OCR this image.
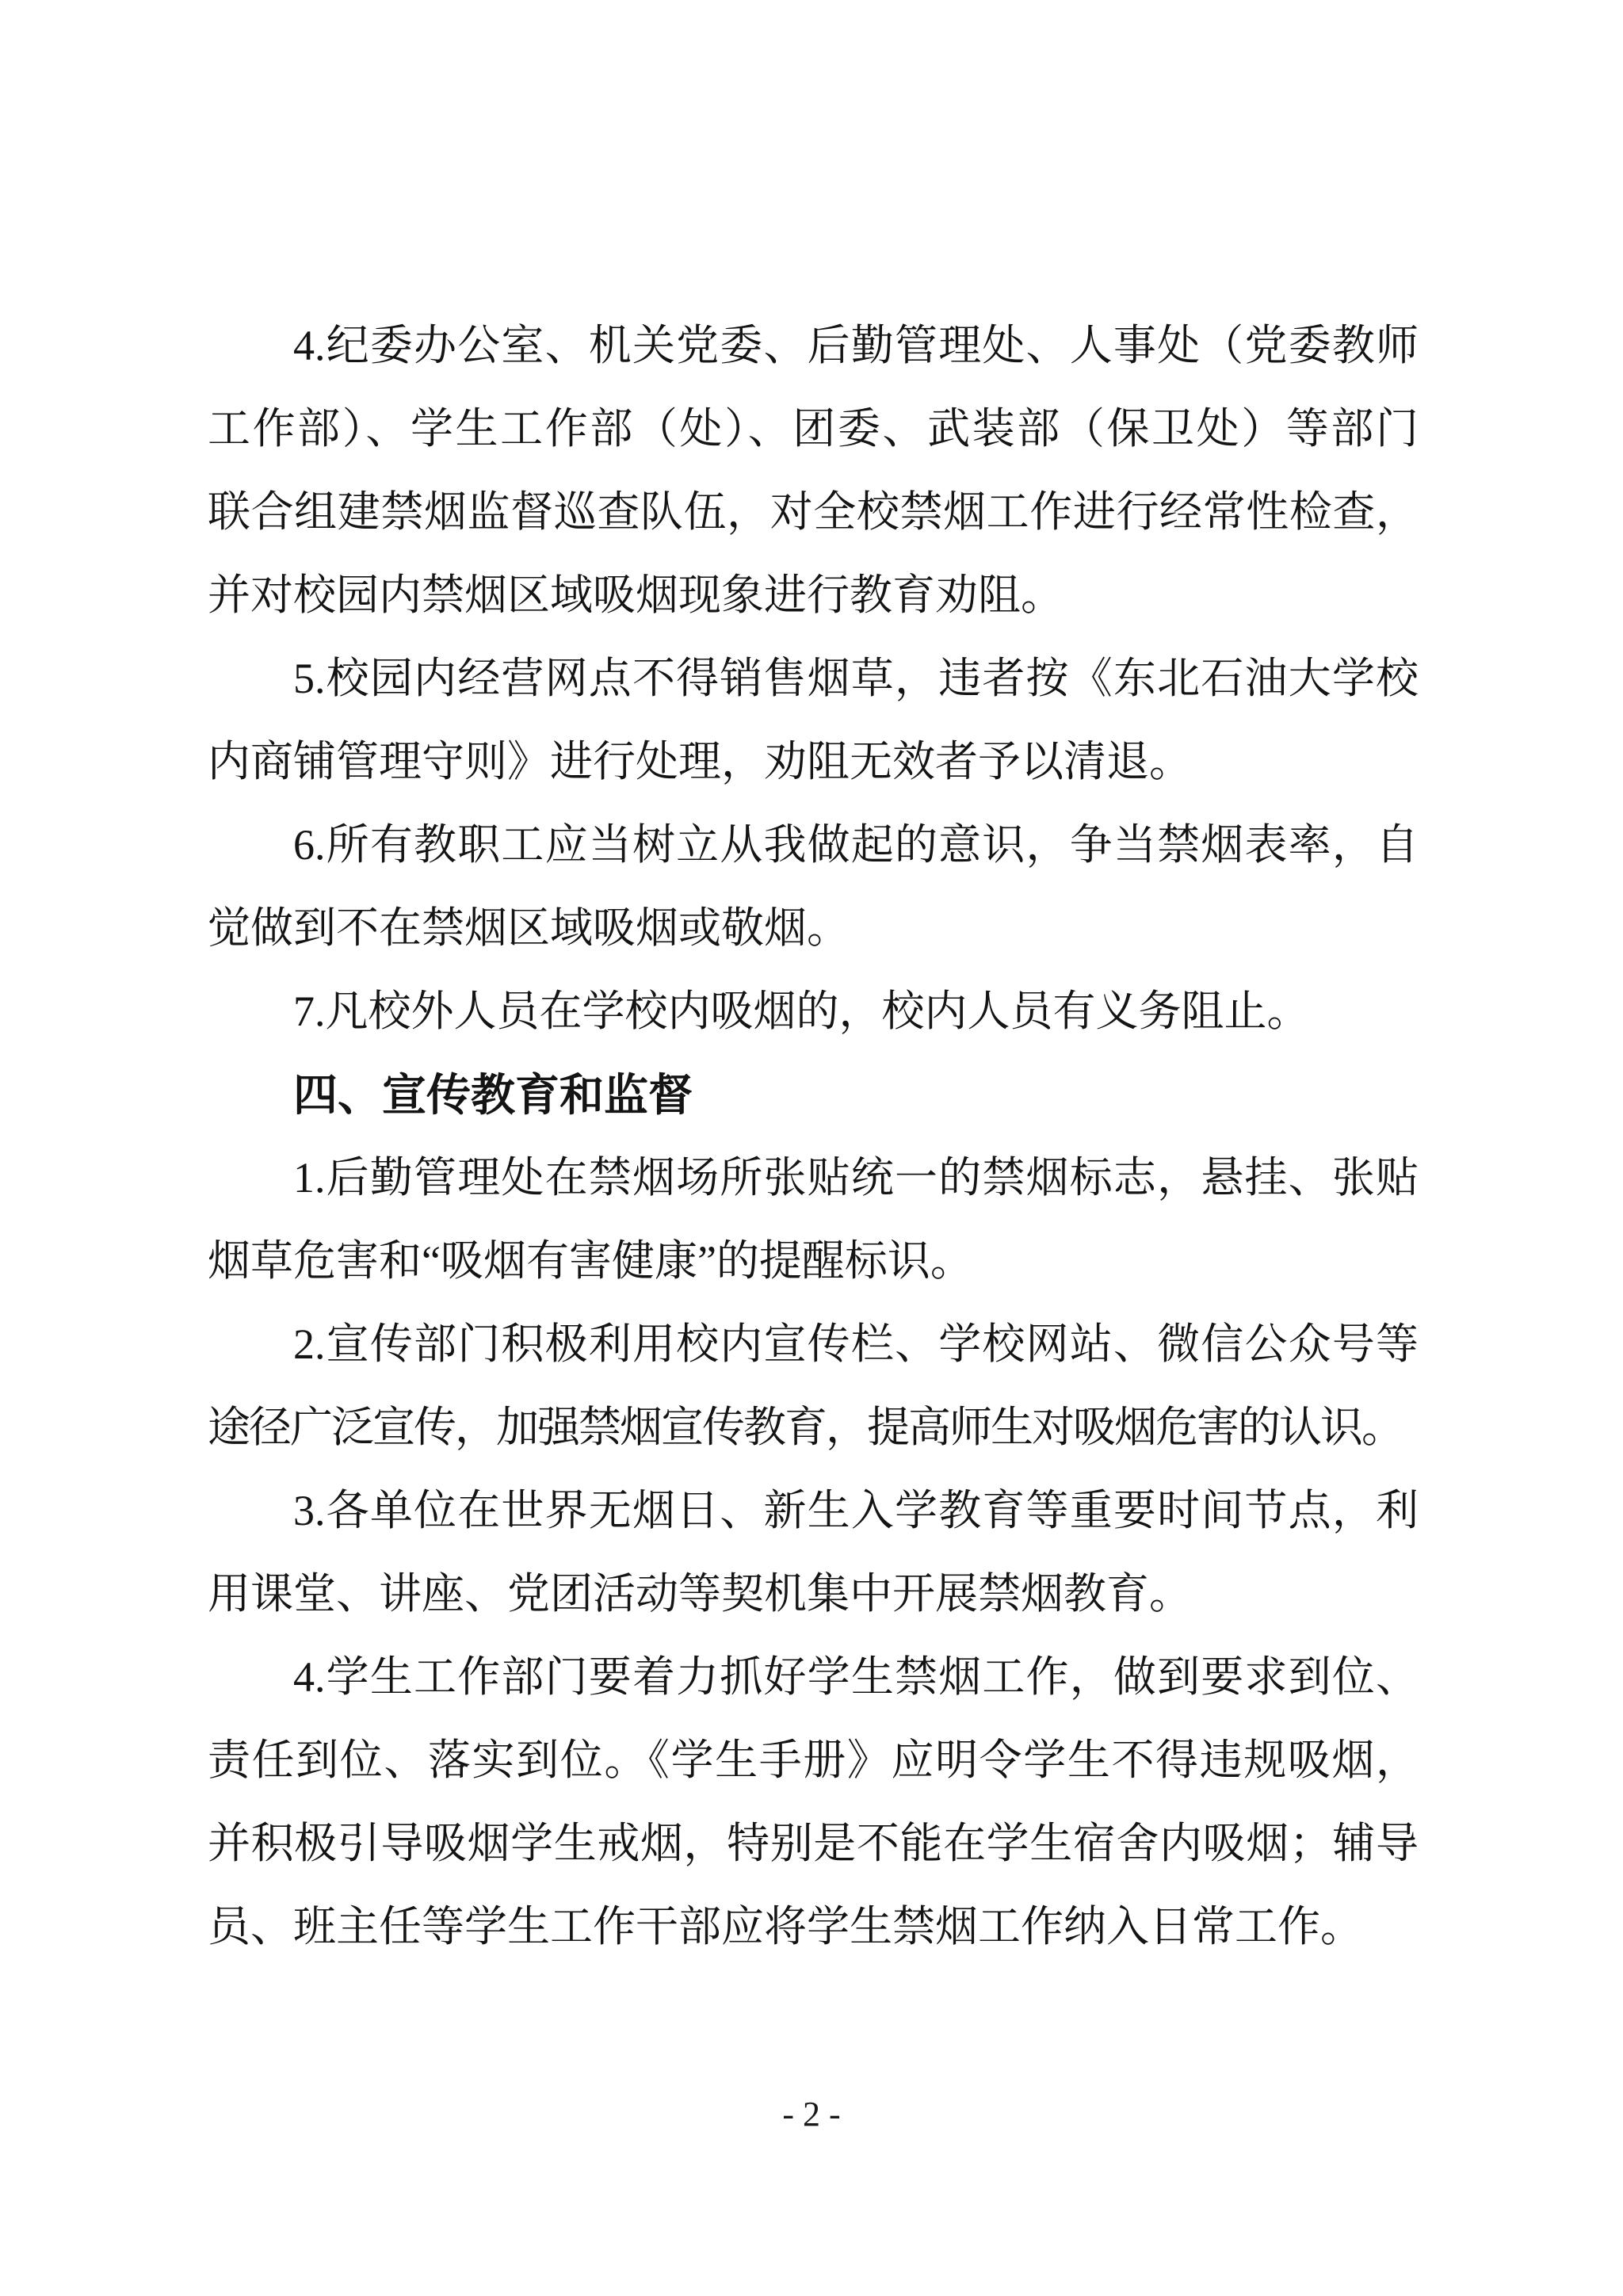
4.纪委办公室、机关党委、后勤管理处、人事处（党委教师
工作部）、学生工作部（处）、团委、武装部（保卫处）等部门
联合组建禁烟监督巡查队伍，对全校禁烟工作进行经常性检查，
并对校园内禁烟区域吸烟现象进行教育劝阻。
5.校园内经营网点不得销售烟草，违者按《东北石油大学校
内商铺管理守则》进行处理，劝阻无效者予以清退。
6.所有教职工应当树立从我做起的意识，争当禁烟表率，自
觉做到不在禁烟区域吸烟或敬烟。
7.凡校外人员在学校内吸烟的，校内人员有义务阻止。
四、宣传教育和监督
1.后勤管理处在禁烟场所张贴统一的禁烟标志，悬挂、张贴
烟草危害和“吸烟有害健康”的提醒标识。
2.宣传部门积极利用校内宣传栏、学校网站、微信公众号等
途径广泛宣传，加强禁烟宣传教育，提高师生对吸烟危害的认识。
3.各单位在世界无烟日、新生入学教育等重要时间节点，利
用课堂、讲座、党团活动等契机集中开展禁烟教育。
4.学生工作部门要着力抓好学生禁烟工作，做到要求到位、
责任到位、落实到位。《学生手册》应明令学生不得违规吸烟，
并积极引导吸烟学生戒烟，特别是不能在学生宿舍内吸烟；辅导
员、班主任等学生工作干部应将学生禁烟工作纳入日常工作。
- 2 -
